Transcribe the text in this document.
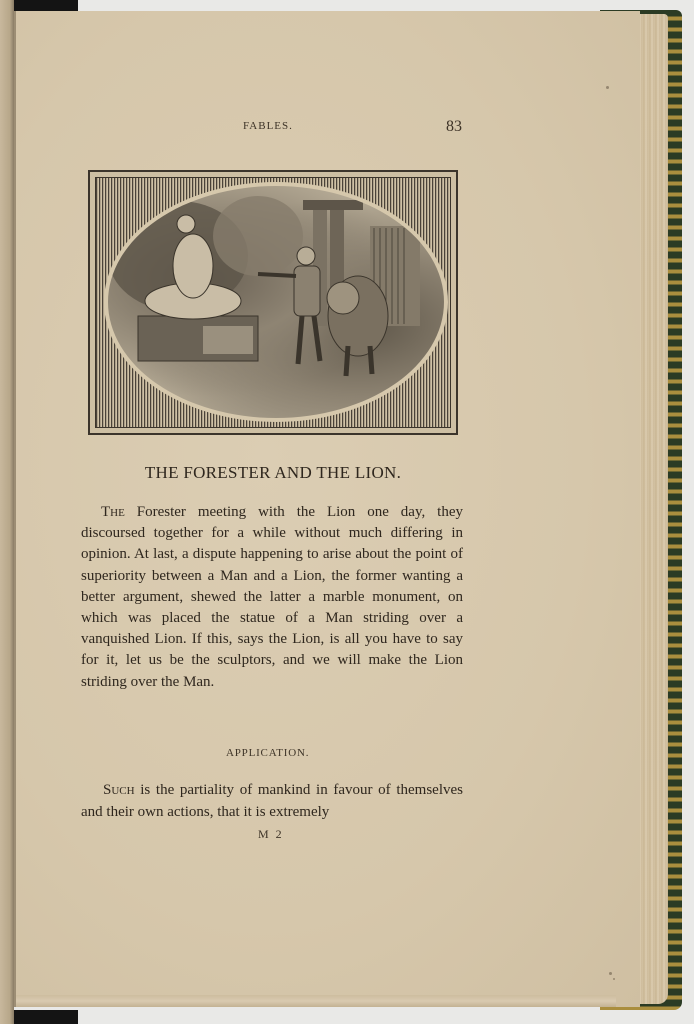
FABLES.	83
THE FORESTER AND THE LION.

The Forester meeting with the Lion one day, they discoursed together for a while without much differing in opinion. At last, a dispute happening to arise about the point of superiority between a Man and a Lion, the former wanting a better argument, shewed the latter a marble monument, on which was placed the statue of a Man striding over a vanquished Lion. If this, says the Lion, is all you have to say for it, let us be the sculptors, and we will make the Lion striding over the Man.

APPLICATION.

Such is the partiality of mankind in favour of themselves and their own actions, that it is extremely

M 2
